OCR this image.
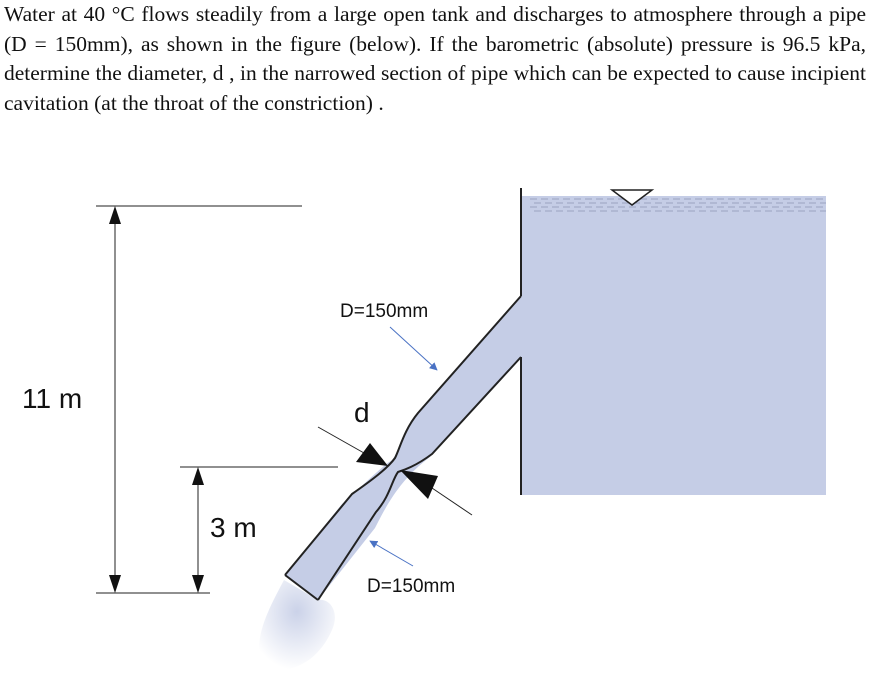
Water at 40 °C flows steadily from a large open tank and discharges to atmosphere through a pipe (D = 150mm), as shown in the figure (below). If the barometric (absolute) pressure is 96.5 kPa, determine the diameter, d , in the narrowed section of pipe which can be expected to cause incipient cavitation (at the throat of the constriction) .

11 m
3 m
D=150mm
D=150mm
d
